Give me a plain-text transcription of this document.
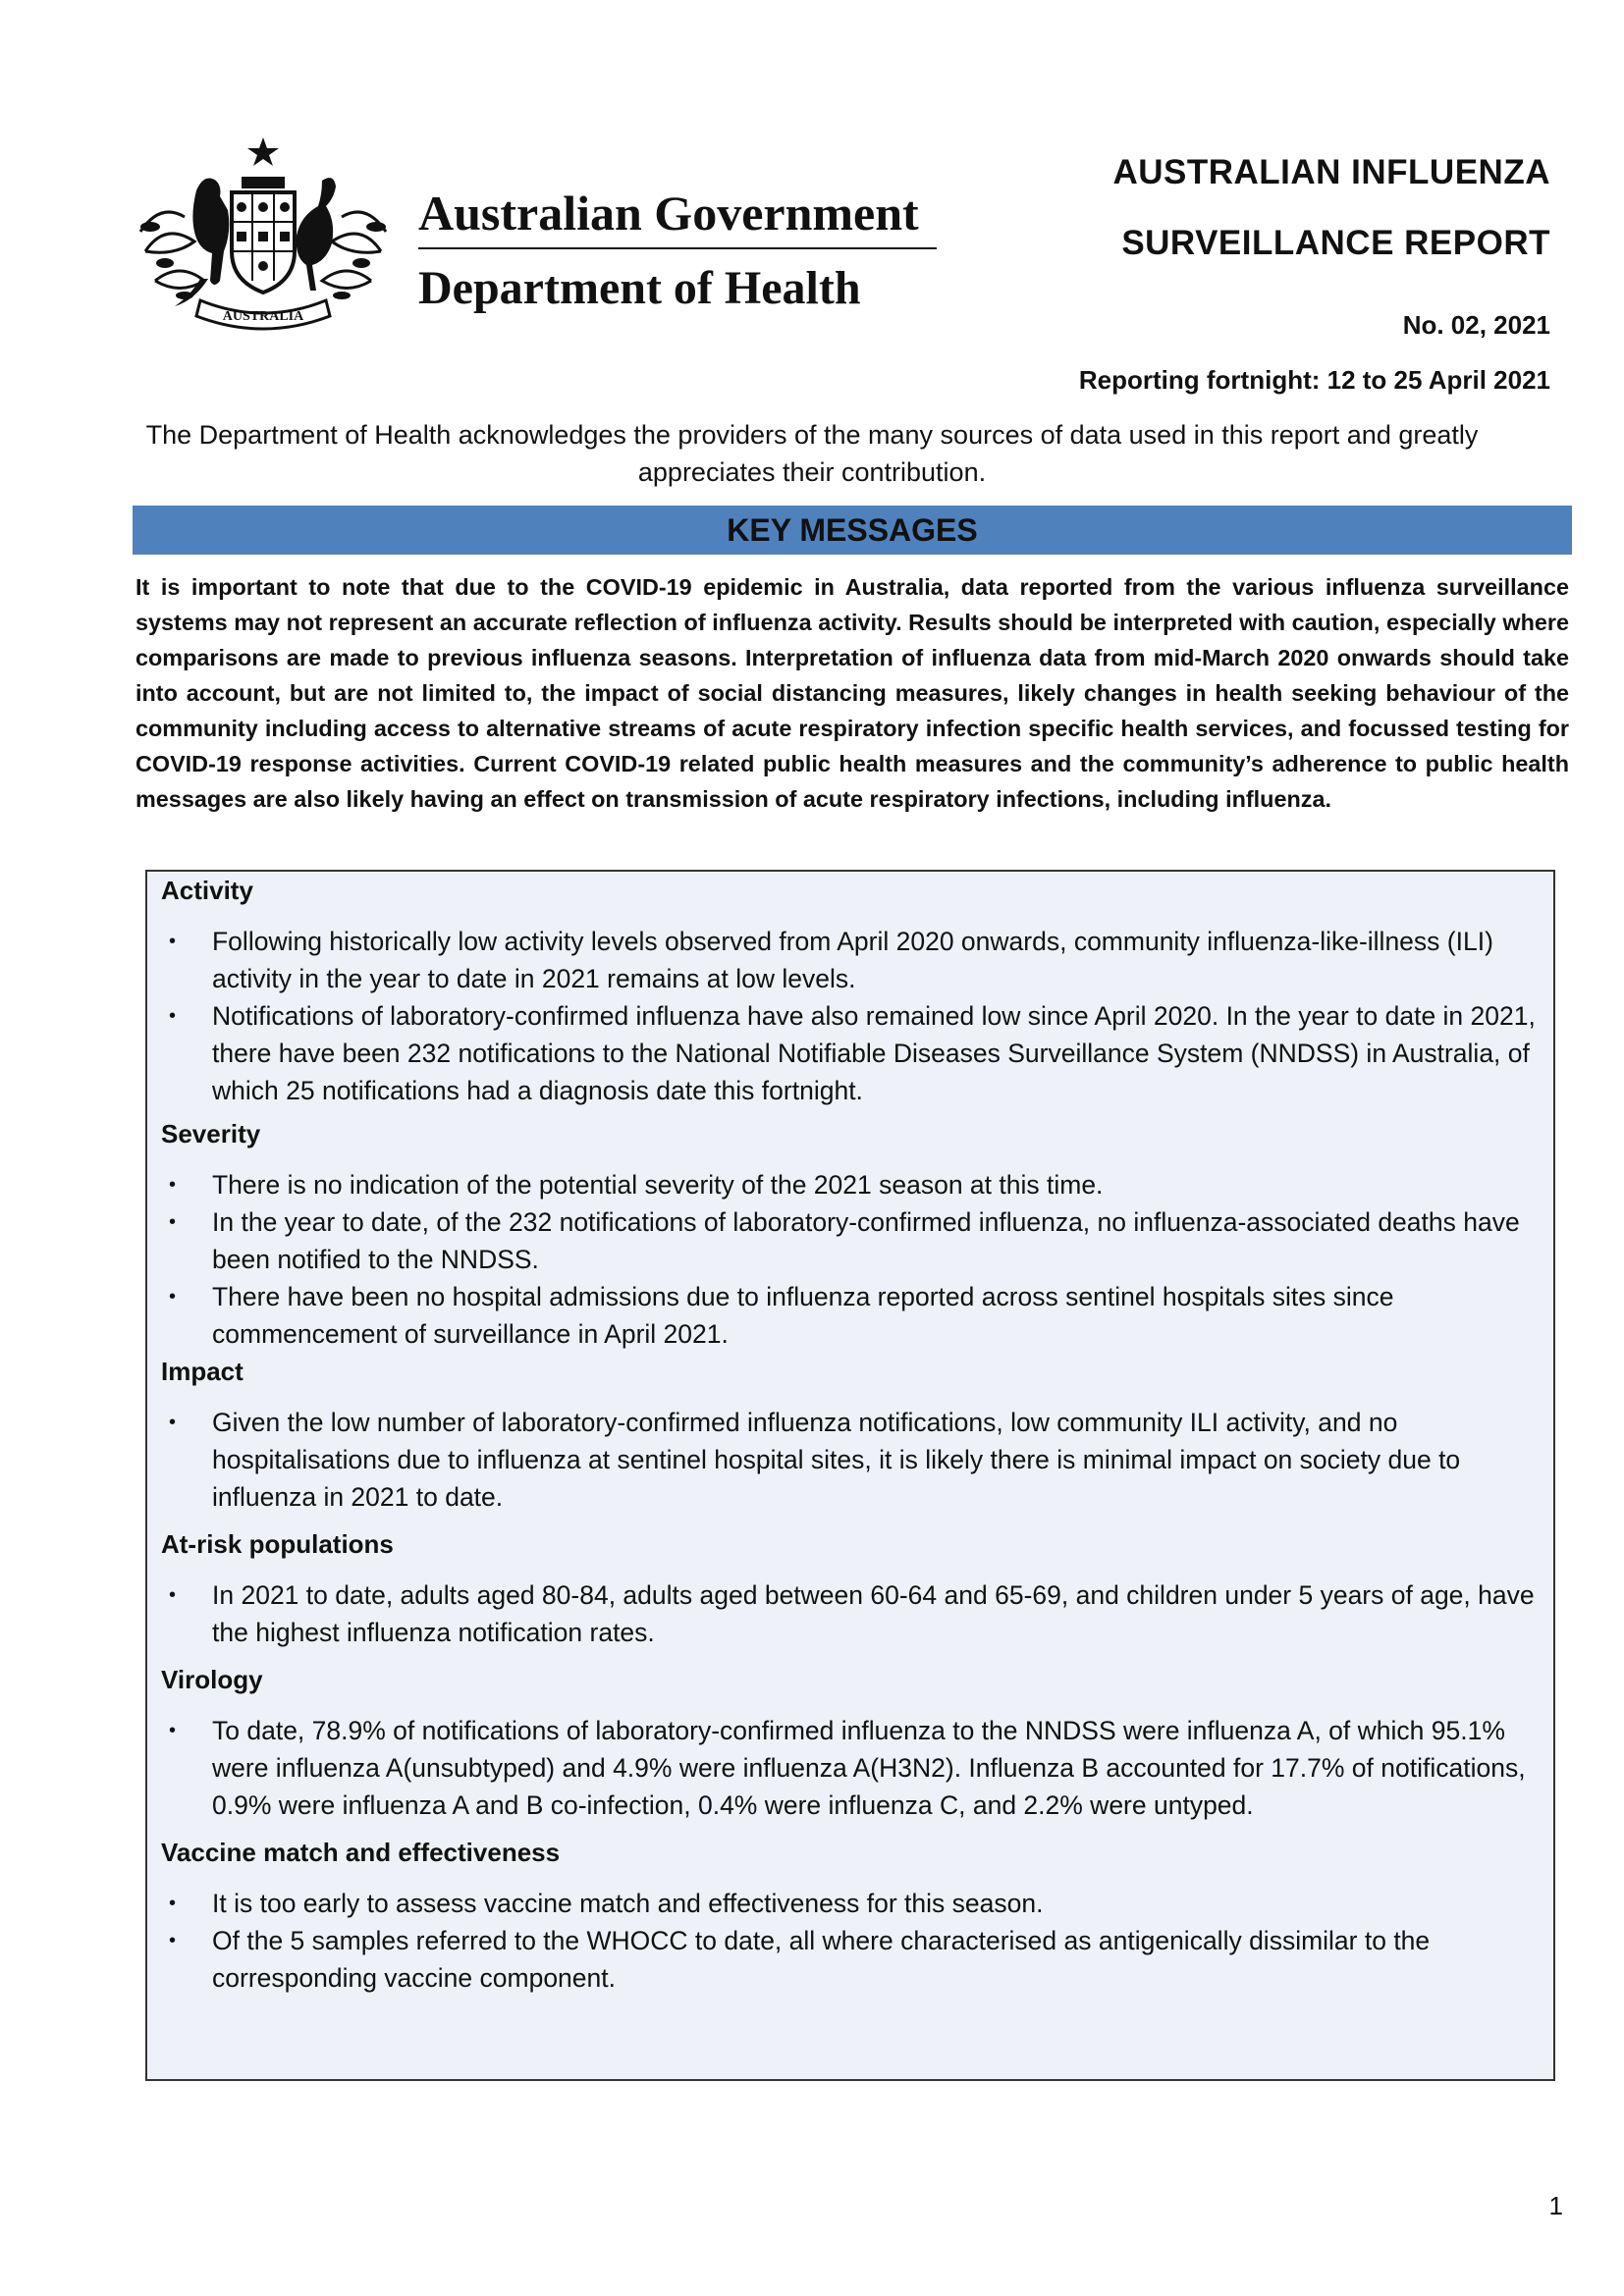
AUSTRALIA
Australian Government
Department of Health
AUSTRALIAN INFLUENZA
SURVEILLANCE REPORT
No. 02, 2021
Reporting fortnight: 12 to 25 April 2021
The Department of Health acknowledges the providers of the many sources of data used in this report and greatly appreciates their contribution.
KEY MESSAGES
It is important to note that due to the COVID-19 epidemic in Australia, data reported from the various influenza surveillance systems may not represent an accurate reflection of influenza activity. Results should be interpreted with caution, especially where comparisons are made to previous influenza seasons. Interpretation of influenza data from mid-March 2020 onwards should take into account, but are not limited to, the impact of social distancing measures, likely changes in health seeking behaviour of the community including access to alternative streams of acute respiratory infection specific health services, and focussed testing for COVID-19 response activities. Current COVID-19 related public health measures and the community’s adherence to public health messages are also likely having an effect on transmission of acute respiratory infections, including influenza.

Activity

• Following historically low activity levels observed from April 2020 onwards, community influenza-like-illness (ILI) activity in the year to date in 2021 remains at low levels.
• Notifications of laboratory-confirmed influenza have also remained low since April 2020. In the year to date in 2021, there have been 232 notifications to the National Notifiable Diseases Surveillance System (NNDSS) in Australia, of which 25 notifications had a diagnosis date this fortnight.

Severity

• There is no indication of the potential severity of the 2021 season at this time.
• In the year to date, of the 232 notifications of laboratory-confirmed influenza, no influenza-associated deaths have been notified to the NNDSS.
• There have been no hospital admissions due to influenza reported across sentinel hospitals sites since commencement of surveillance in April 2021.

Impact

• Given the low number of laboratory-confirmed influenza notifications, low community ILI activity, and no hospitalisations due to influenza at sentinel hospital sites, it is likely there is minimal impact on society due to influenza in 2021 to date.

At-risk populations

• In 2021 to date, adults aged 80-84, adults aged between 60-64 and 65-69, and children under 5 years of age, have the highest influenza notification rates.

Virology

• To date, 78.9% of notifications of laboratory-confirmed influenza to the NNDSS were influenza A, of which 95.1% were influenza A(unsubtyped) and 4.9% were influenza A(H3N2). Influenza B accounted for 17.7% of notifications, 0.9% were influenza A and B co-infection, 0.4% were influenza C, and 2.2% were untyped.

Vaccine match and effectiveness

• It is too early to assess vaccine match and effectiveness for this season.
• Of the 5 samples referred to the WHOCC to date, all where characterised as antigenically dissimilar to the corresponding vaccine component.
1
